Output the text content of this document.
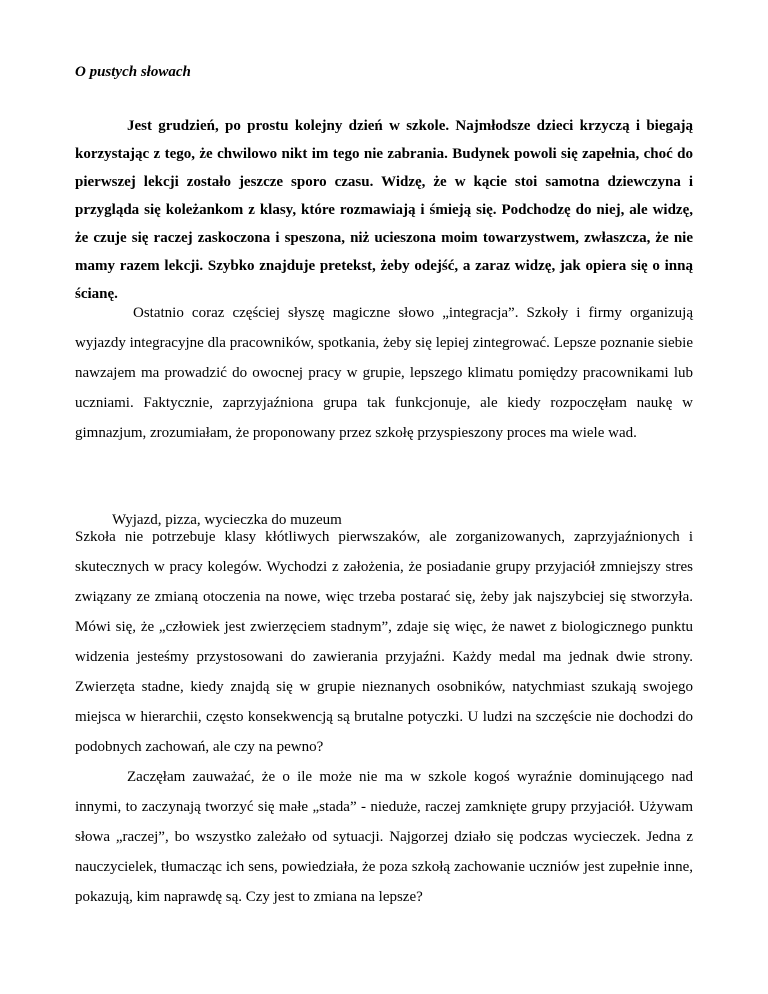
O pustych słowach

Jest grudzień, po prostu kolejny dzień w szkole. Najmłodsze dzieci krzyczą i biegają korzystając z tego, że chwilowo nikt im tego nie zabrania. Budynek powoli się zapełnia, choć do pierwszej lekcji zostało jeszcze sporo czasu. Widzę, że w kącie stoi samotna dziewczyna i przygląda się koleżankom z klasy, które rozmawiają i śmieją się. Podchodzę do niej, ale widzę, że czuje się raczej zaskoczona i speszona, niż ucieszona moim towarzystwem, zwłaszcza, że nie mamy razem lekcji. Szybko znajduje pretekst, żeby odejść, a zaraz widzę, jak opiera się o inną ścianę.

Ostatnio coraz częściej słyszę magiczne słowo „integracja”. Szkoły i firmy organizują wyjazdy integracyjne dla pracowników, spotkania, żeby się lepiej zintegrować. Lepsze poznanie siebie nawzajem ma prowadzić do owocnej pracy w grupie, lepszego klimatu pomiędzy pracownikami lub uczniami. Faktycznie, zaprzyjaźniona grupa tak funkcjonuje, ale kiedy rozpoczęłam naukę w gimnazjum, zrozumiałam, że proponowany przez szkołę przyspieszony proces ma wiele wad.

Wyjazd, pizza, wycieczka do muzeum

Szkoła nie potrzebuje klasy kłótliwych pierwszaków, ale zorganizowanych, zaprzyjaźnionych i skutecznych w pracy kolegów. Wychodzi z założenia, że posiadanie grupy przyjaciół zmniejszy stres związany ze zmianą otoczenia na nowe, więc trzeba postarać się, żeby jak najszybciej się stworzyła. Mówi się, że „człowiek jest zwierzęciem stadnym”, zdaje się więc, że nawet z biologicznego punktu widzenia jesteśmy przystosowani do zawierania przyjaźni. Każdy medal ma jednak dwie strony. Zwierzęta stadne, kiedy znajdą się w grupie nieznanych osobników, natychmiast szukają swojego miejsca w hierarchii, często konsekwencją są brutalne potyczki. U ludzi na szczęście nie dochodzi do podobnych zachowań, ale czy na pewno?

Zaczęłam zauważać, że o ile może nie ma w szkole kogoś wyraźnie dominującego nad innymi, to zaczynają tworzyć się małe „stada” - nieduże, raczej zamknięte grupy przyjaciół. Używam słowa „raczej”, bo wszystko zależało od sytuacji. Najgorzej działo się podczas wycieczek. Jedna z nauczycielek, tłumacząc ich sens, powiedziała, że poza szkołą zachowanie uczniów jest zupełnie inne, pokazują, kim naprawdę są. Czy jest to zmiana na lepsze?
